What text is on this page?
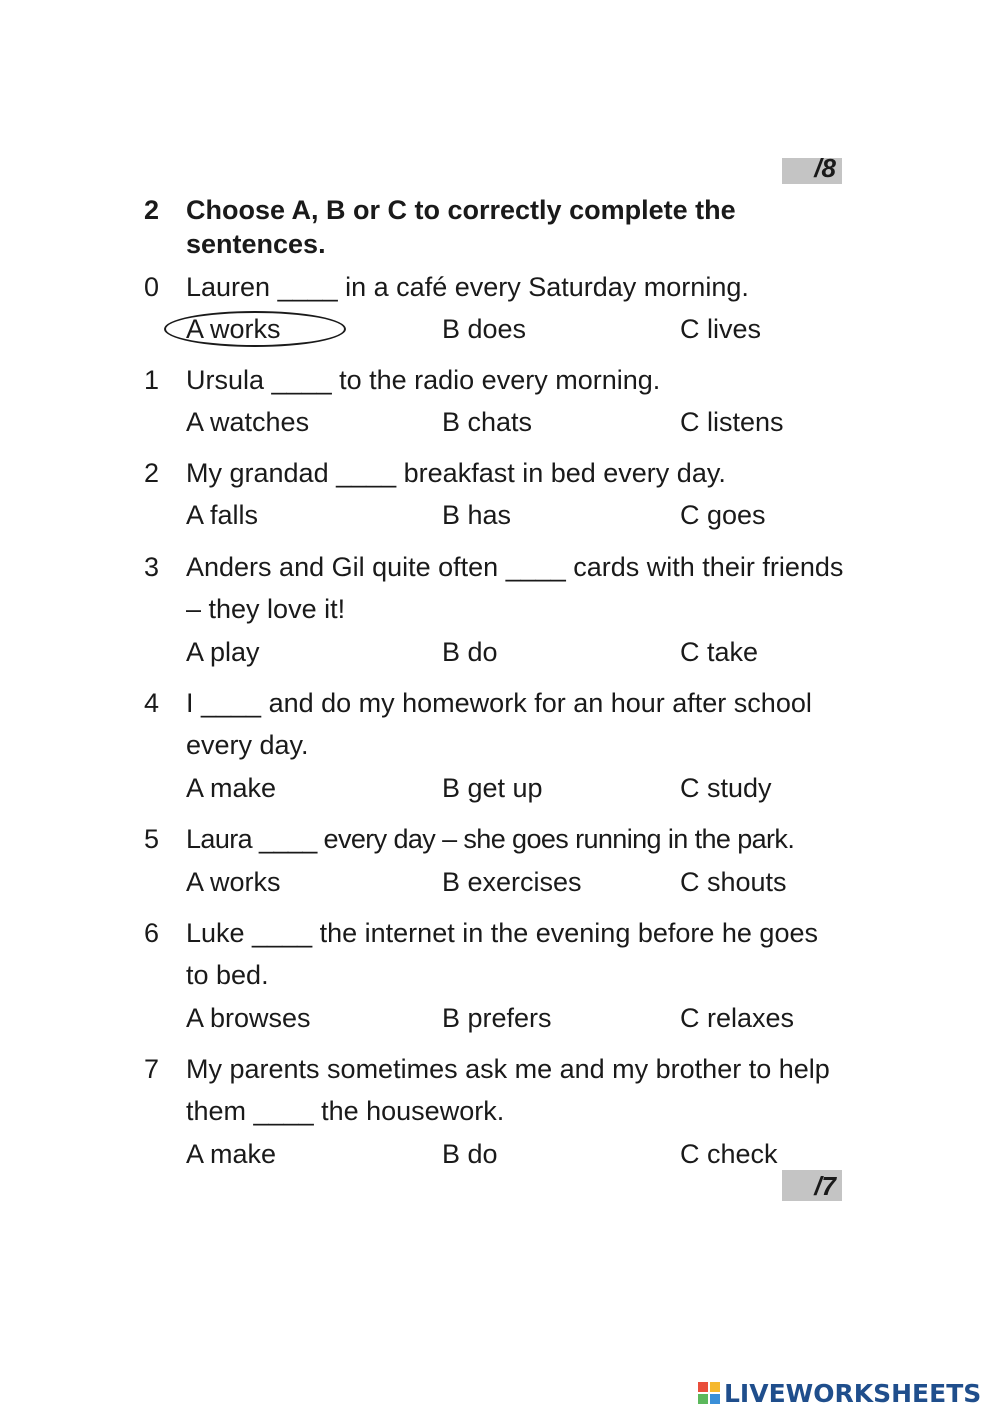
/8
2 Choose A, B or C to correctly complete the sentences.
0 Lauren ____ in a café every Saturday morning.
A works	B does	C lives
1 Ursula ____ to the radio every morning.
A watches	B chats	C listens
2 My grandad ____ breakfast in bed every day.
A falls	B has	C goes
3 Anders and Gil quite often ____ cards with their friends – they love it!
A play	B do	C take
4 I ____ and do my homework for an hour after school every day.
A make	B get up	C study
5 Laura ____ every day – she goes running in the park.
A works	B exercises	C shouts
6 Luke ____ the internet in the evening before he goes to bed.
A browses	B prefers	C relaxes
7 My parents sometimes ask me and my brother to help them ____ the housework.
A make	B do	C check
/7
LIVEWORKSHEETS
